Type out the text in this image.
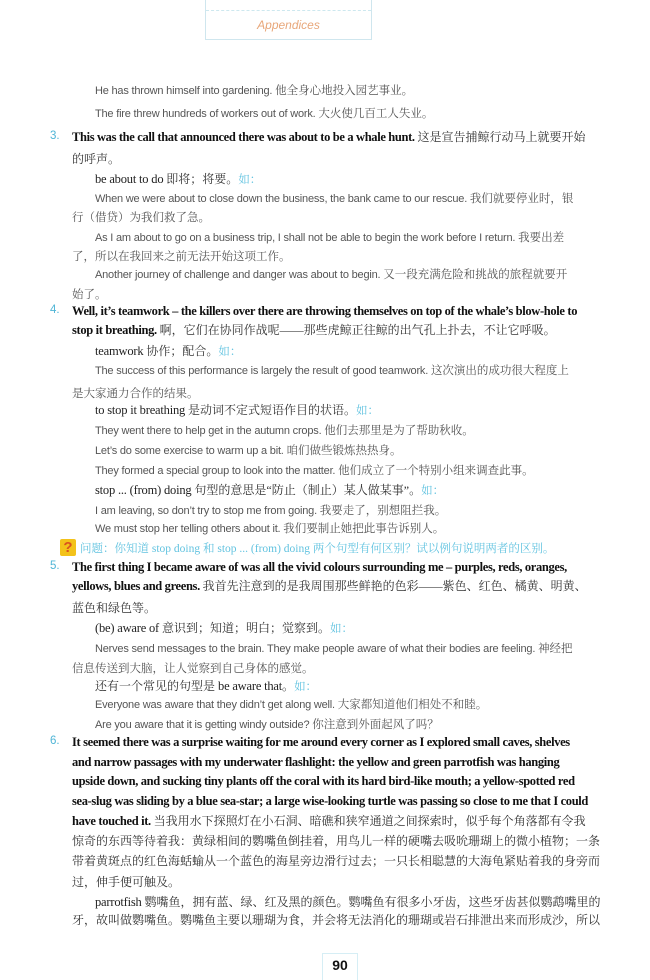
Appendices
He has thrown himself into gardening. 他全身心地投入园艺事业。
The fire threw hundreds of workers out of work. 大火使几百工人失业。
3. This was the call that announced there was about to be a whale hunt. 这是宣告捕鲸行动马上就要开始
的呼声。
be about to do 即将；将要。如：
When we were about to close down the business, the bank came to our rescue. 我们就要停业时，银
行（借贷）为我们救了急。
As I am about to go on a business trip, I shall not be able to begin the work before I return. 我要出差
了，所以在我回来之前无法开始这项工作。
Another journey of challenge and danger was about to begin. 又一段充满危险和挑战的旅程就要开
始了。
4. Well, it’s teamwork – the killers over there are throwing themselves on top of the whale’s blow-hole to
stop it breathing. 啊，它们在协同作战呢——那些虎鲸正往鲸的出气孔上扑去，不让它呼吸。
teamwork 协作；配合。如：
The success of this performance is largely the result of good teamwork. 这次演出的成功很大程度上
是大家通力合作的结果。
to stop it breathing 是动词不定式短语作目的状语。如：
They went there to help get in the autumn crops. 他们去那里是为了帮助秋收。
Let’s do some exercise to warm up a bit. 咱们做些锻炼热热身。
They formed a special group to look into the matter. 他们成立了一个特别小组来调查此事。
stop ... (from) doing 句型的意思是“防止（制止）某人做某事”。如：
I am leaving, so don’t try to stop me from going. 我要走了，别想阻拦我。
We must stop her telling others about it. 我们要制止她把此事告诉别人。
? 问题：你知道 stop doing 和 stop ... (from) doing 两个句型有何区别？试以例句说明两者的区别。
5. The first thing I became aware of was all the vivid colours surrounding me – purples, reds, oranges,
yellows, blues and greens. 我首先注意到的是我周围那些鲜艳的色彩——紫色、红色、橘黄、明黄、
蓝色和绿色等。
(be) aware of 意识到；知道；明白；觉察到。如：
Nerves send messages to the brain. They make people aware of what their bodies are feeling. 神经把
信息传送到大脑，让人觉察到自己身体的感觉。
还有一个常见的句型是 be aware that。如：
Everyone was aware that they didn’t get along well. 大家都知道他们相处不和睦。
Are you aware that it is getting windy outside? 你注意到外面起风了吗？
6. It seemed there was a surprise waiting for me around every corner as I explored small caves, shelves
and narrow passages with my underwater flashlight: the yellow and green parrotfish was hanging
upside down, and sucking tiny plants off the coral with its hard bird-like mouth; a yellow-spotted red
sea-slug was sliding by a blue sea-star; a large wise-looking turtle was passing so close to me that I could
have touched it. 当我用水下探照灯在小石洞、暗礁和狭窄通道之间探索时，似乎每个角落都有令我
惊奇的东西等待着我：黄绿相间的鹦嘴鱼倒挂着，用鸟儿一样的硬嘴去吸吮珊瑚上的微小植物；一条
带着黄斑点的红色海蛞蝓从一个蓝色的海星旁边滑行过去；一只长相聪慧的大海龟紧贴着我的身旁而
过，伸手便可触及。
parrotfish 鹦嘴鱼，拥有蓝、绿、红及黑的颜色。鹦嘴鱼有很多小牙齿，这些牙齿甚似鹦鹉嘴里的
牙，故叫做鹦嘴鱼。鹦嘴鱼主要以珊瑚为食，并会将无法消化的珊瑚或岩石排泄出来而形成沙，所以
90
